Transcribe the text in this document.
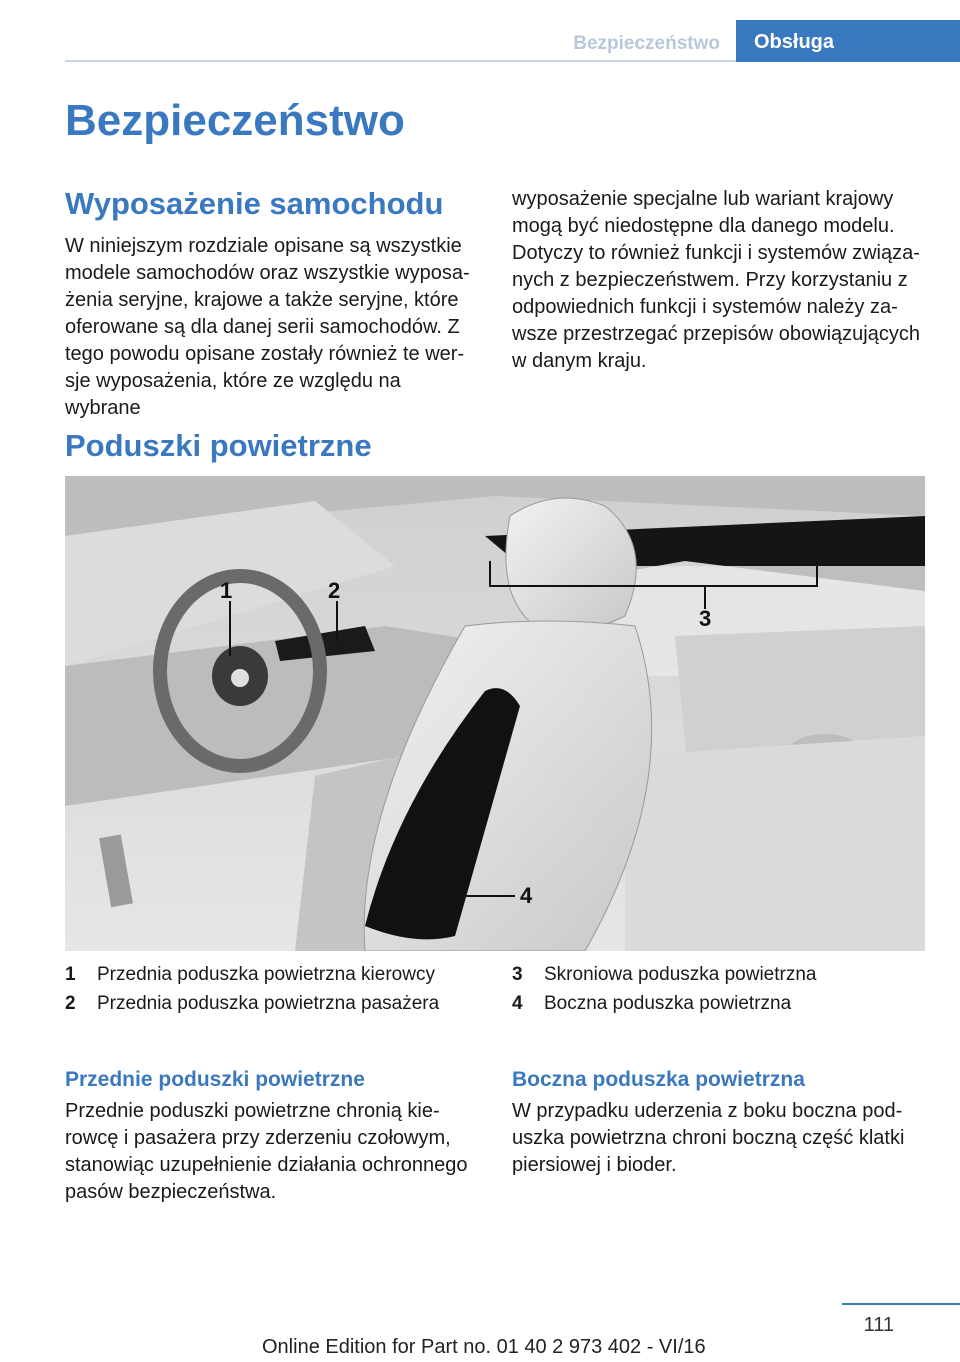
Bezpieczeństwo	Obsługa
Bezpieczeństwo
Wyposażenie samochodu
W niniejszym rozdziale opisane są wszystkie modele samochodów oraz wszystkie wyposa-żenia seryjne, krajowe a także seryjne, które oferowane są dla danej serii samochodów. Z tego powodu opisane zostały również te wer-sje wyposażenia, które ze względu na wybrane
wyposażenie specjalne lub wariant krajowy mogą być niedostępne dla danego modelu. Dotyczy to również funkcji i systemów związa-nych z bezpieczeństwem. Przy korzystaniu z odpowiednich funkcji i systemów należy za-wsze przestrzegać przepisów obowiązujących w danym kraju.
Poduszki powietrzne
1	2
3
4
1 Przednia poduszka powietrzna kierowcy
2 Przednia poduszka powietrzna pasażera
3 Skroniowa poduszka powietrzna
4 Boczna poduszka powietrzna
Przednie poduszki powietrzne
Przednie poduszki powietrzne chronią kie-rowcę i pasażera przy zderzeniu czołowym, stanowiąc uzupełnienie działania ochronnego pasów bezpieczeństwa.
Boczna poduszka powietrzna
W przypadku uderzenia z boku boczna pod-uszka powietrzna chroni boczną część klatki piersiowej i bioder.
111
Online Edition for Part no. 01 40 2 973 402 - VI/16
